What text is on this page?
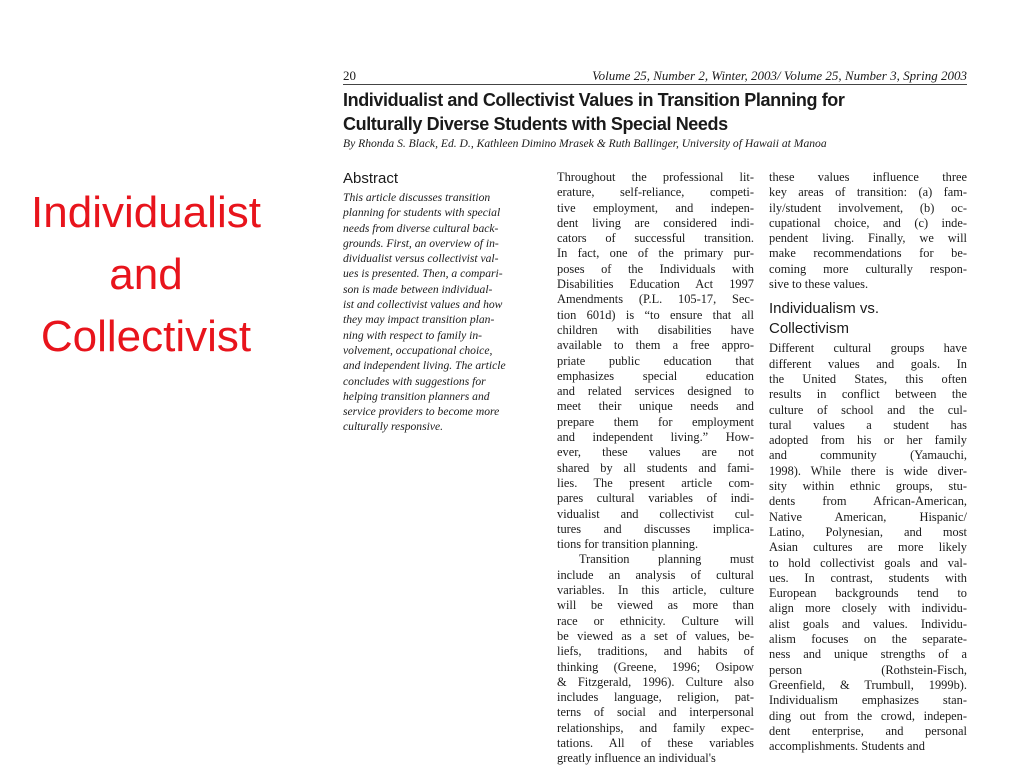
Individualist
and
Collectivist
20	Volume 25, Number 2, Winter, 2003/ Volume 25, Number 3, Spring 2003
Individualist and Collectivist Values in Transition Planning for
Culturally Diverse Students with Special Needs
By Rhonda S. Black, Ed. D., Kathleen Dimino Mrasek & Ruth Ballinger, University of Hawaii at Manoa
Abstract
This article discusses transition
planning for students with special
needs from diverse cultural back-
grounds. First, an overview of in-
dividualist versus collectivist val-
ues is presented. Then, a compari-
son is made between individual-
ist and collectivist values and how
they may impact transition plan-
ning with respect to family in-
volvement, occupational choice,
and independent living. The article
concludes with suggestions for
helping transition planners and
service providers to become more
culturally responsive.
Throughout the professional lit-
erature, self-reliance, competi-
tive employment, and indepen-
dent living are considered indi-
cators of successful transition.
In fact, one of the primary pur-
poses of the Individuals with
Disabilities Education Act 1997
Amendments (P.L. 105-17, Sec-
tion 601d) is “to ensure that all
children with disabilities have
available to them a free appro-
priate public education that
emphasizes special education
and related services designed to
meet their unique needs and
prepare them for employment
and independent living.” How-
ever, these values are not
shared by all students and fami-
lies. The present article com-
pares cultural variables of indi-
vidualist and collectivist cul-
tures and discusses implica-
tions for transition planning.
Transition planning must
include an analysis of cultural
variables. In this article, culture
will be viewed as more than
race or ethnicity. Culture will
be viewed as a set of values, be-
liefs, traditions, and habits of
thinking (Greene, 1996; Osipow
& Fitzgerald, 1996). Culture also
includes language, religion, pat-
terns of social and interpersonal
relationships, and family expec-
tations. All of these variables
greatly influence an individual's
these values influence three
key areas of transition: (a) fam-
ily/student involvement, (b) oc-
cupational choice, and (c) inde-
pendent living. Finally, we will
make recommendations for be-
coming more culturally respon-
sive to these values.
Individualism vs.
Collectivism
Different cultural groups have
different values and goals. In
the United States, this often
results in conflict between the
culture of school and the cul-
tural values a student has
adopted from his or her family
and community (Yamauchi,
1998). While there is wide diver-
sity within ethnic groups, stu-
dents from African-American,
Native American, Hispanic/
Latino, Polynesian, and most
Asian cultures are more likely
to hold collectivist goals and val-
ues. In contrast, students with
European backgrounds tend to
align more closely with individu-
alist goals and values. Individu-
alism focuses on the separate-
ness and unique strengths of a
person (Rothstein-Fisch,
Greenfield, & Trumbull, 1999b).
Individualism emphasizes stan-
ding out from the crowd, indepen-
dent enterprise, and personal
accomplishments. Students and
